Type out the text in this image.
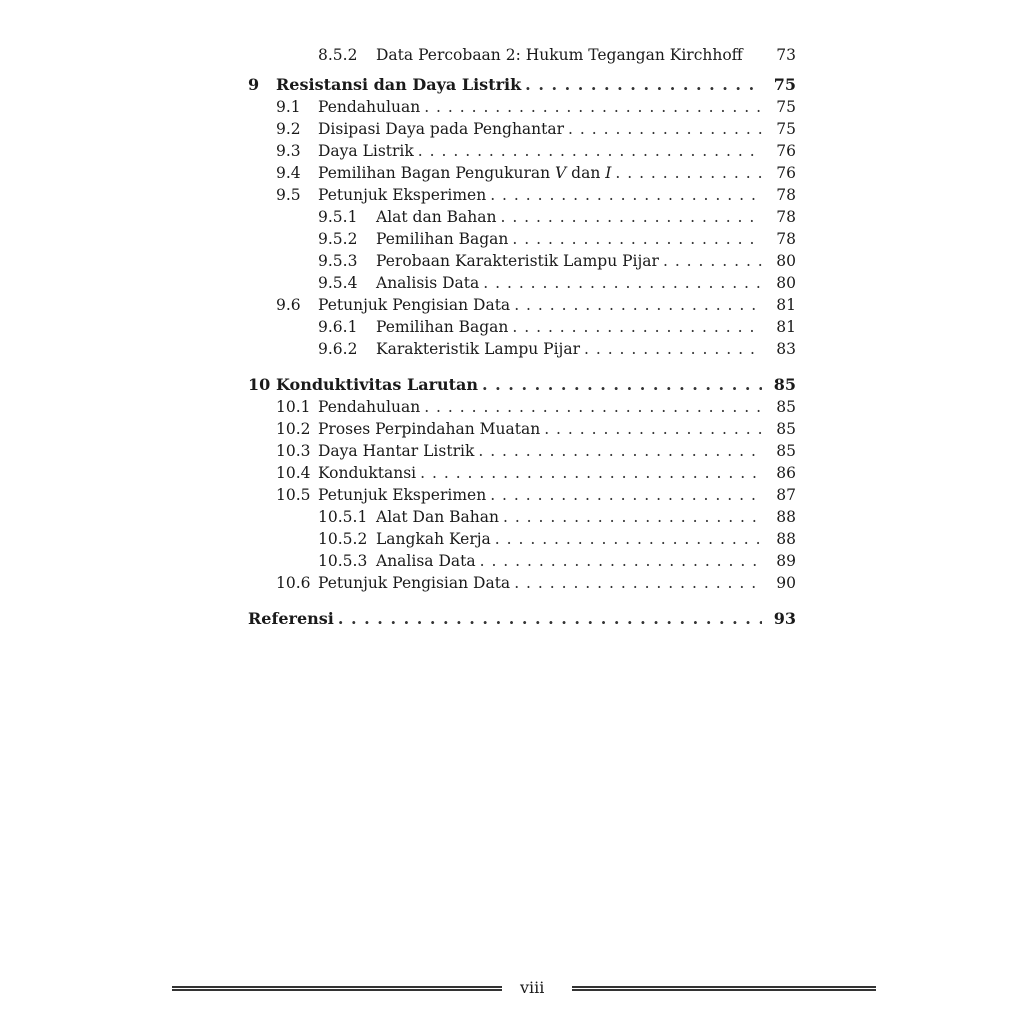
8.5.2	Data Percobaan 2: Hukum Tegangan Kirchhoff 73
9	Resistansi dan Daya Listrik . . .	75
9.1	Pendahuluan . . .	75
9.2	Disipasi Daya pada Penghantar . . .	75
9.3	Daya Listrik . . .	76
9.4	Pemilihan Bagan Pengukuran V dan I . . .	76
9.5	Petunjuk Eksperimen . . .	78
9.5.1	Alat dan Bahan . . .	78
9.5.2	Pemilihan Bagan . . .	78
9.5.3	Perobaan Karakteristik Lampu Pijar . . .	80
9.5.4	Analisis Data . . .	80
9.6	Petunjuk Pengisian Data . . .	81
9.6.1	Pemilihan Bagan . . .	81
9.6.2	Karakteristik Lampu Pijar . . .	83
10 Konduktivitas Larutan . . .	85
10.1 Pendahuluan . . .	85
10.2 Proses Perpindahan Muatan . . .	85
10.3 Daya Hantar Listrik . . .	85
10.4 Konduktansi . . .	86
10.5 Petunjuk Eksperimen . . .	87
10.5.1 Alat Dan Bahan . . .	88
10.5.2 Langkah Kerja . . .	88
10.5.3 Analisa Data . . .	89
10.6 Petunjuk Pengisian Data . . .	90
Referensi . . .	93
viii
